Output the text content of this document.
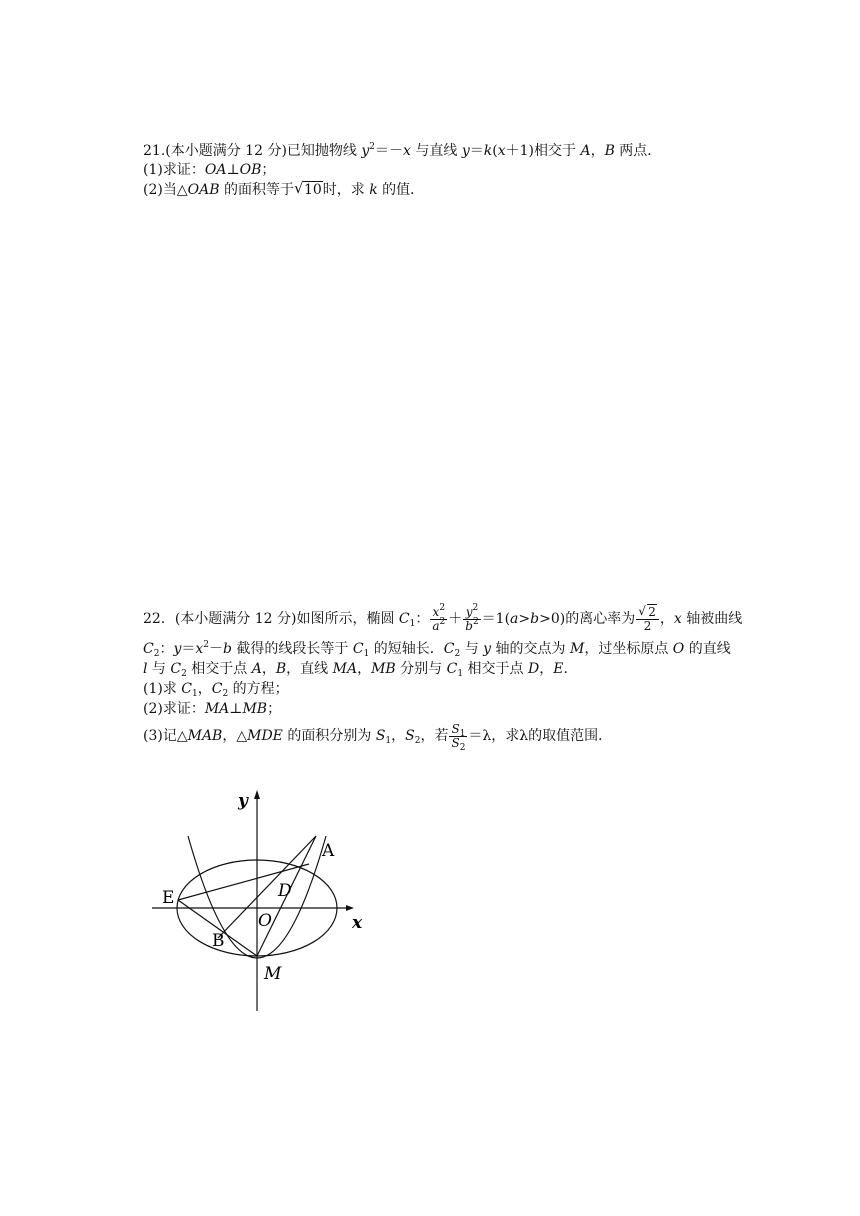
21.(本小题满分 12 分)已知抛物线 $y^2=-x$ 与直线 y＝k(x＋1)相交于 A，B 两点．
(1)求证：OA⊥OB；
(2)当△OAB 的面积等于 √ 10时，求 k 的值．
22．(本小题满分 12 分)如图所示，椭圆 $C_1$： $\frac{x^2}{a^2} + \frac{y^2}{b^2} =1(a>b>0)$的离心率为 $\frac{√ 2}{2}$ ，x 轴被曲线
$C_2$：$y=x^2-b$ 截得的线段长等于 $C_1$ 的短轴长．$C_2$ 与 y 轴的交点为 M，过坐标原点 O 的直线
l 与 $C_2$ 相交于点 A，B，直线 MA，MB 分别与 $C_1$ 相交于点 D，E.
(1)求 $C_1$，$C_2$ 的方程；
(2)求证：MA⊥MB；
(3)记△MAB，△MDE 的面积分别为 $S_1$，$S_2$，若 $\frac{S_1}{S_2} =\lambda$，求λ的取值范围．
y
x
A
D
E
O
B
M
